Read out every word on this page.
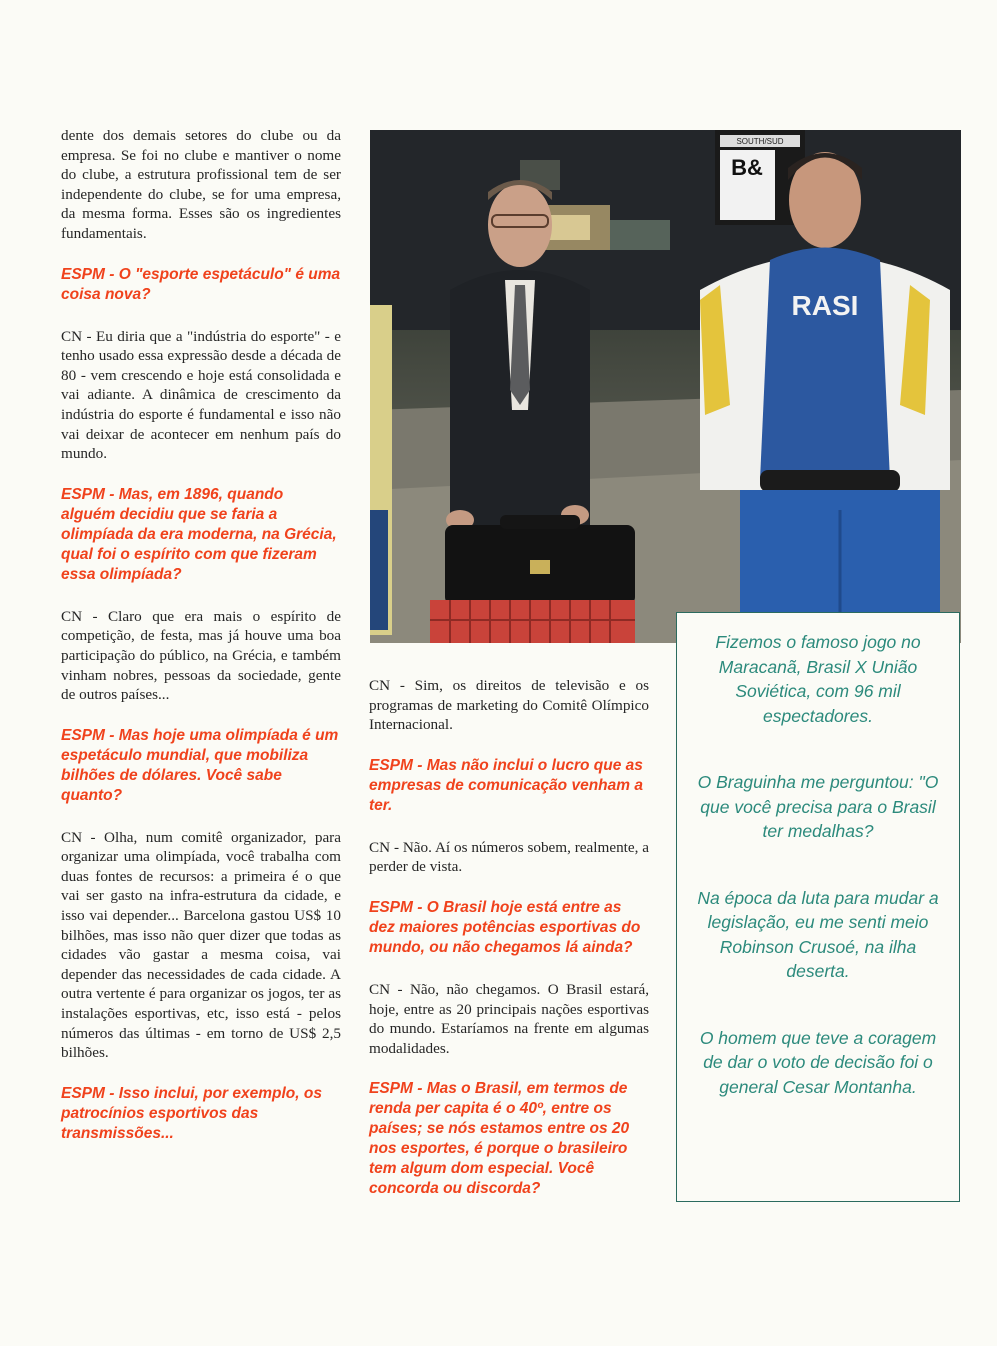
dente dos demais setores do clube ou da empresa. Se foi no clube e mantiver o nome do clube, a estrutura profissional tem de ser independente do clube, se for uma empresa, da mesma forma. Esses são os ingredientes fundamentais.

ESPM - O "esporte espetáculo" é uma coisa nova?

CN - Eu diria que a "indústria do esporte" - e tenho usado essa expressão desde a década de 80 - vem crescendo e hoje está consolidada e vai adiante. A dinâmica de crescimento da indústria do esporte é fundamental e isso não vai deixar de acontecer em nenhum país do mundo.

ESPM - Mas, em 1896, quando alguém decidiu que se faria a olimpíada da era moderna, na Grécia, qual foi o espírito com que fizeram essa olimpíada?

CN - Claro que era mais o espírito de competição, de festa, mas já houve uma boa participação do público, na Grécia, e também vinham nobres, pessoas da sociedade, gente de outros países...

ESPM - Mas hoje uma olimpíada é um espetáculo mundial, que mobiliza bilhões de dólares. Você sabe quanto?

CN - Olha, num comitê organizador, para organizar uma olimpíada, você trabalha com duas fontes de recursos: a primeira é o que vai ser gasto na infra-estrutura da cidade, e isso vai depender... Barcelona gastou US$ 10 bilhões, mas isso não quer dizer que todas as cidades vão gastar a mesma coisa, vai depender das necessidades de cada cidade. A outra vertente é para organizar os jogos, ter as instalações esportivas, etc, isso está - pelos números das últimas - em torno de US$ 2,5 bilhões.

ESPM - Isso inclui, por exemplo, os patrocínios esportivos das transmissões...

SOUTH/SUD
B&
RASI

CN - Sim, os direitos de televisão e os programas de marketing do Comitê Olímpico Internacional.

ESPM - Mas não inclui o lucro que as empresas de comunicação venham a ter.

CN - Não. Aí os números sobem, realmente, a perder de vista.

ESPM - O Brasil hoje está entre as dez maiores potências esportivas do mundo, ou não chegamos lá ainda?

CN - Não, não chegamos. O Brasil estará, hoje, entre as 20 principais nações esportivas do mundo. Estaríamos na frente em algumas modalidades.

ESPM - Mas o Brasil, em termos de renda per capita é o 40º, entre os países; se nós estamos entre os 20 nos esportes, é porque o brasileiro tem algum dom especial. Você concorda ou discorda?

Fizemos o famoso jogo no Maracanã, Brasil X União Soviética, com 96 mil espectadores.

O Braguinha me perguntou: "O que você precisa para o Brasil ter medalhas?

Na época da luta para mudar a legislação, eu me senti meio Robinson Crusoé, na ilha deserta.

O homem que teve a coragem de dar o voto de decisão foi o general Cesar Montanha.
